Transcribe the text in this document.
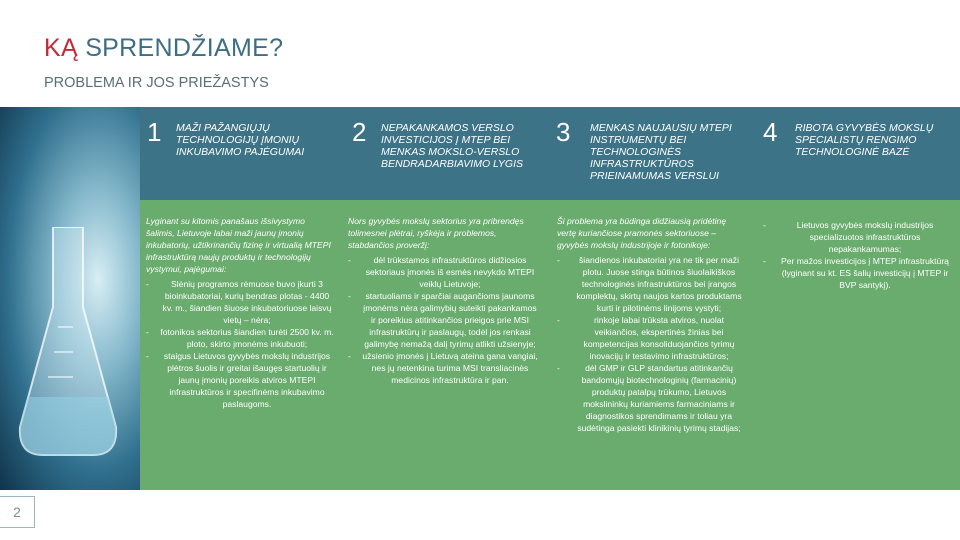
KĄ SPRENDŽIAME?
PROBLEMA IR JOS PRIEŽASTYS
1 MAŽI PAŽANGIŲJŲ TECHNOLOGIJŲ ĮMONIŲ INKUBAVIMO PAJĖGUMAI

Lyginant su kitomis panašaus išsivystymo šalimis, Lietuvoje labai maži jaunų įmonių inkubatorių, užtikrinančių fizinę ir virtualią MTEPI infrastruktūrą naujų produktų ir technologijų vystymui, pajėgumai:

- Slėnių programos rėmuose buvo įkurti 3 bioinkubatoriai, kurių bendras plotas - 4400 kv. m., šiandien šiuose inkubatoriuose laisvų vietų – nėra;
- fotonikos sektorius šiandien turėti 2500 kv. m. ploto, skirto įmonėms inkubuoti;
- staigus Lietuvos gyvybės mokslų industrijos plėtros šuolis ir greitai išaugęs startuolių ir jaunų įmonių poreikis atviros MTEPI infrastruktūros ir specifinėms inkubavimo paslaugoms.
2 NEPAKANKAMOS VERSLO INVESTICIJOS Į MTEP BEI MENKAS MOKSLO-VERSLO BENDRADARBIAVIMO LYGIS

Nors gyvybės mokslų sektorius yra pribrendęs tolimesnei plėtrai, ryškėja ir problemos, stabdančios proveržį:

- dėl trūkstamos infrastruktūros didžiosios sektoriaus įmonės iš esmės nevykdo MTEPI veiklų Lietuvoje;
- startuoliams ir sparčiai augančioms jaunoms įmonėms nėra galimybių suteikti pakankamos ir poreikius atitinkančios prieigos prie MSI infrastruktūrų ir paslaugų, todėl jos renkasi galimybę nemažą dalį tyrimų atlikti užsienyje;
- užsienio įmonės į Lietuvą ateina gana vangiai, nes jų netenkina turima MSI transliacinės medicinos infrastruktūra ir pan.
3 MENKAS NAUJAUSIŲ MTEPI INSTRUMENTŲ BEI TECHNOLOGINĖS INFRASTRUKTŪROS PRIEINAMUMAS VERSLUI

Ši problema yra būdinga didžiausią pridėtinę vertę kuriančiose pramonės sektoriuose – gyvybės mokslų industrijoje ir fotonikoje:

- šiandienos inkubatoriai yra ne tik per maži plotu. Juose stinga būtinos šiuolaikiškos technologinės infrastruktūros bei įrangos komplektų, skirtų naujos kartos produktams kurti ir pilotinėms linijoms vystyti;
- rinkoje labai trūksta atviros, nuolat veikiančios, ekspertinės žinias bei kompetencijas konsoliduojančios tyrimų inovacijų ir testavimo infrastruktūros;
- dėl GMP ir GLP standartus atitinkančių bandomųjų biotechnologinių (farmacinių) produktų patalpų trūkumo, Lietuvos mokslininkų kuriamiems farmaciniams ir diagnostikos sprendimams ir toliau yra sudėtinga pasiekti klinikinių tyrimų stadijas;
4 RIBOTA GYVYBĖS MOKSLŲ SPECIALISTŲ RENGIMO TECHNOLOGINĖ BAZĖ
- Lietuvos gyvybės mokslų industrijos specializuotos infrastruktūros nepakankamumas;
- Per mažos investicijos į MTEP infrastruktūrą (lyginant su kt. ES šalių investicijų į MTEP ir BVP santykį).
2
